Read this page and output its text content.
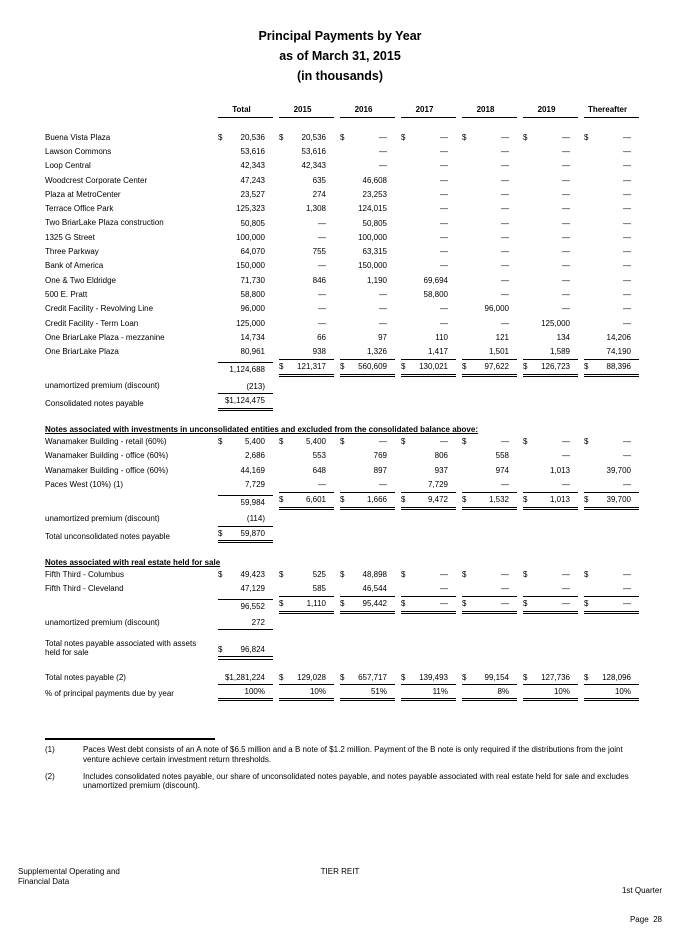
Principal Payments by Year
as of March 31, 2015
(in thousands)
Total	2015	2016	2017	2018	2019	Thereafter
Buena Vista Plaza	$ 20,536 $ 20,536 $	— $	— $	— $	— $	—
Lawson Commons	53,616	53,616	—	—	—	—	—
Loop Central	42,343	42,343	—	—	—	—	—
Woodcrest Corporate Center	47,243	635	46,608	—	—	—	—
Plaza at MetroCenter	23,527	274	23,253	—	—	—	—
Terrace Office Park	125,323	1,308	124,015	—	—	—	—
Two BriarLake Plaza construction	50,805	—	50,805	—	—	—	—
1325 G Street	100,000	—	100,000	—	—	—	—
Three Parkway	64,070	755	63,315	—	—	—	—
Bank of America	150,000	—	150,000	—	—	—	—
One & Two Eldridge	71,730	846	1,190	69,694	—	—	—
500 E. Pratt	58,800	—	—	58,800	—	—	—
Credit Facility - Revolving Line	96,000	—	—	—	96,000	—	—
Credit Facility - Term Loan	125,000	—	—	—	—	125,000	—
One BriarLake Plaza - mezzanine	14,734	66	97	110	121	134	14,206
One BriarLake Plaza	80,961	938	1,326	1,417	1,501	1,589	74,190
1,124,688 $ 121,317 $ 560,609 $ 130,021 $ 97,622 $ 126,723 $ 88,396
unamortized premium (discount)	(213)
Consolidated notes payable	$1,124,475
Notes associated with investments in unconsolidated entities and excluded from the consolidated balance above:
Wanamaker Building - retail (60%)	$	5,400 $	5,400 $	— $	— $	— $	— $	—
Wanamaker Building - office (60%)	2,686	553	769	806	558	—	—
Wanamaker Building - office (60%)	44,169	648	897	937	974	1,013	39,700
Paces West (10%) (1)	7,729	—	—	7,729	—	—	—
59,984 $	6,601 $	1,666 $	9,472 $	1,532 $	1,013 $ 39,700
unamortized premium (discount)	(114)
Total unconsolidated notes payable	$ 59,870
Notes associated with real estate held for sale
Fifth Third - Columbus	$ 49,423 $	525 $ 48,898 $	— $	— $	— $	—
Fifth Third - Cleveland	47,129	585	46,544	—	—	—	—
96,552 $	1,110 $ 95,442 $	— $	— $	— $	—
unamortized premium (discount)	272
Total notes payable associated with assets held for sale	$ 96,824
Total notes payable (2)	$1,281,224 $ 129,028 $ 657,717 $ 139,493 $ 99,154 $ 127,736 $ 128,096
% of principal payments due by year	100%	10%	51%	11%	8%	10%	10%
(1)	Paces West debt consists of an A note of $6.5 million and a B note of $1.2 million. Payment of the B note is only required if the distributions from the joint venture achieve certain investment return thresholds.
(2)	Includes consolidated notes payable, our share of unconsolidated notes payable, and notes payable associated with real estate held for sale and excludes unamortized premium (discount).
Supplemental Operating and
Financial Data
TIER REIT

1st Quarter

Page  28
